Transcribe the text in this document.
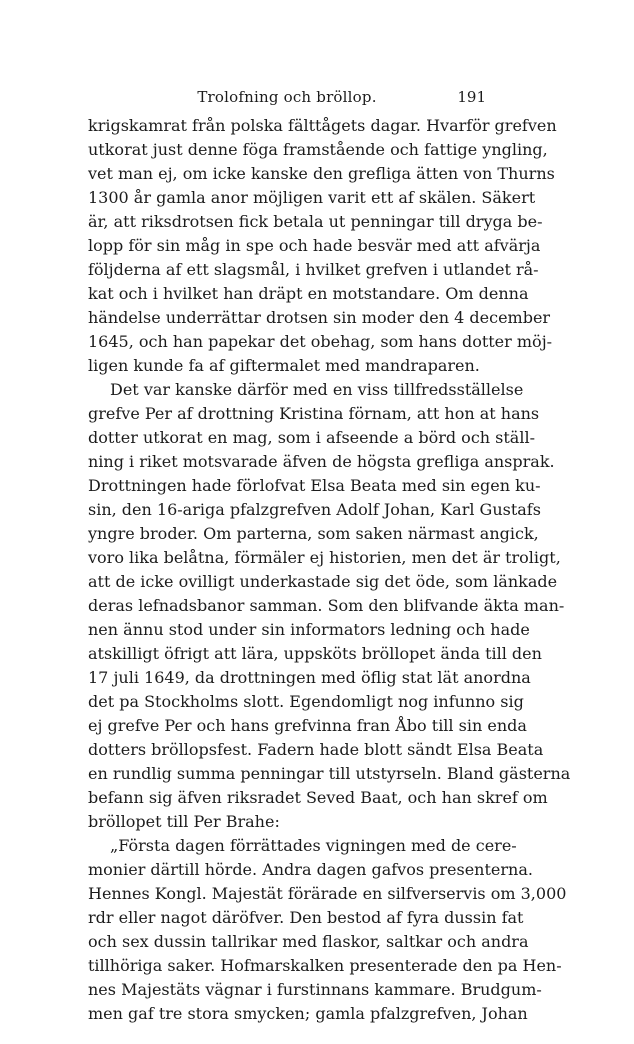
Trolofning och bröllop.	191
krigskamrat från polska fälttågets dagar. Hvarför grefven
utkorat just denne föga framstående och fattige yngling,
vet man ej, om icke kanske den grefliga ätten von Thurns
1300 år gamla anor möjligen varit ett af skälen. Säkert
är, att riksdrotsen fick betala ut penningar till dryga be-
lopp för sin måg in spe och hade besvär med att afvärja
följderna af ett slagsmål, i hvilket grefven i utlandet rå-
kat och i hvilket han dräpt en motstandare. Om denna
händelse underrättar drotsen sin moder den 4 december
1645, och han papekar det obehag, som hans dotter möj-
ligen kunde fa af giftermalet med mandraparen.
Det var kanske därför med en viss tillfredsställelse
grefve Per af drottning Kristina förnam, att hon at hans
dotter utkorat en mag, som i afseende a börd och ställ-
ning i riket motsvarade äfven de högsta grefliga ansprak.
Drottningen hade förlofvat Elsa Beata med sin egen ku-
sin, den 16-ariga pfalzgrefven Adolf Johan, Karl Gustafs
yngre broder. Om parterna, som saken närmast angick,
voro lika belåtna, förmäler ej historien, men det är troligt,
att de icke ovilligt underkastade sig det öde, som länkade
deras lefnadsbanor samman. Som den blifvande äkta man-
nen ännu stod under sin informators ledning och hade
atskilligt öfrigt att lära, uppsköts bröllopet ända till den
17 juli 1649, da drottningen med öflig stat lät anordna
det pa Stockholms slott. Egendomligt nog infunno sig
ej grefve Per och hans grefvinna fran Åbo till sin enda
dotters bröllopsfest. Fadern hade blott sändt Elsa Beata
en rundlig summa penningar till utstyrseln. Bland gästerna
befann sig äfven riksradet Seved Baat, och han skref om
bröllopet till Per Brahe:
„Första dagen förrättades vigningen med de cere-
monier därtill hörde. Andra dagen gafvos presenterna.
Hennes Kongl. Majestät förärade en silfverservis om 3,000
rdr eller nagot däröfver. Den bestod af fyra dussin fat
och sex dussin tallrikar med flaskor, saltkar och andra
tillhöriga saker. Hofmarskalken presenterade den pa Hen-
nes Majestäts vägnar i furstinnans kammare. Brudgum-
men gaf tre stora smycken; gamla pfalzgrefven, Johan
